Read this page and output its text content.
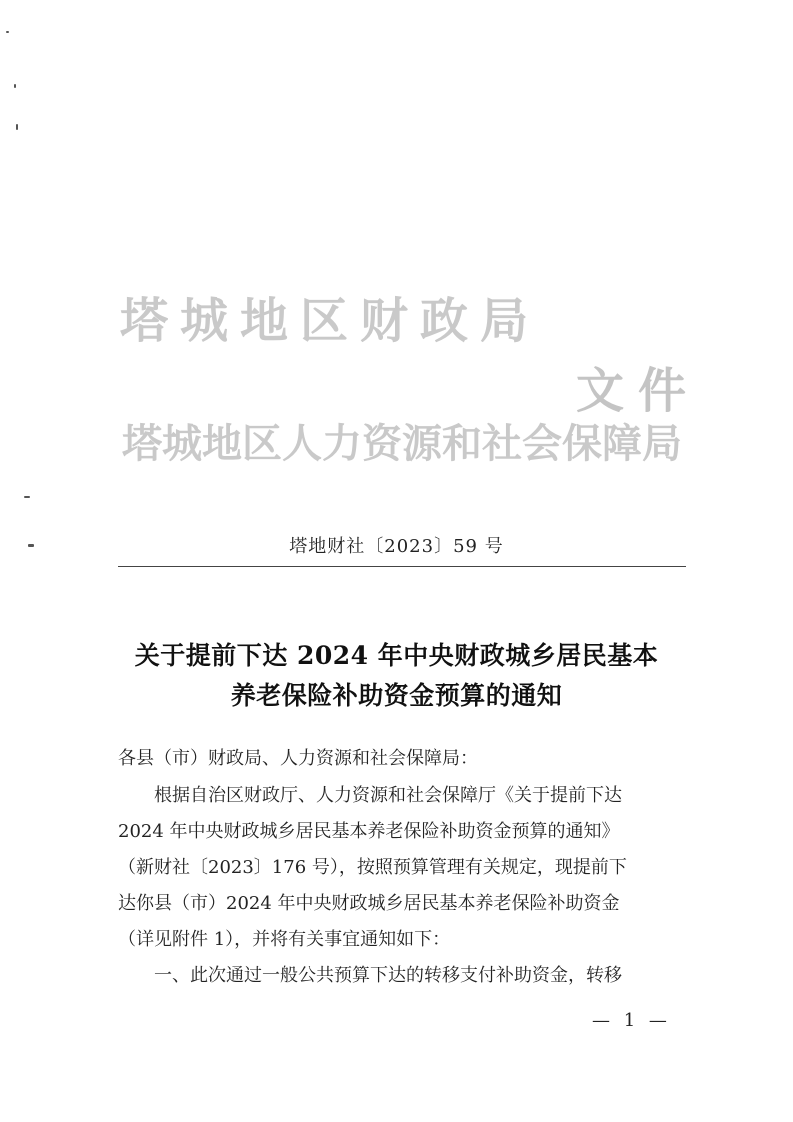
塔城地区财政局
文件
塔城地区人力资源和社会保障局
塔地财社〔2023〕59 号
关于提前下达 2024 年中央财政城乡居民基本
养老保险补助资金预算的通知
各县（市）财政局、人力资源和社会保障局：
根据自治区财政厅、人力资源和社会保障厅《关于提前下达
2024 年中央财政城乡居民基本养老保险补助资金预算的通知》
（新财社〔2023〕176 号），按照预算管理有关规定，现提前下
达你县（市）2024 年中央财政城乡居民基本养老保险补助资金
（详见附件 1），并将有关事宜通知如下：
一、此次通过一般公共预算下达的转移支付补助资金，转移
— 1 —
